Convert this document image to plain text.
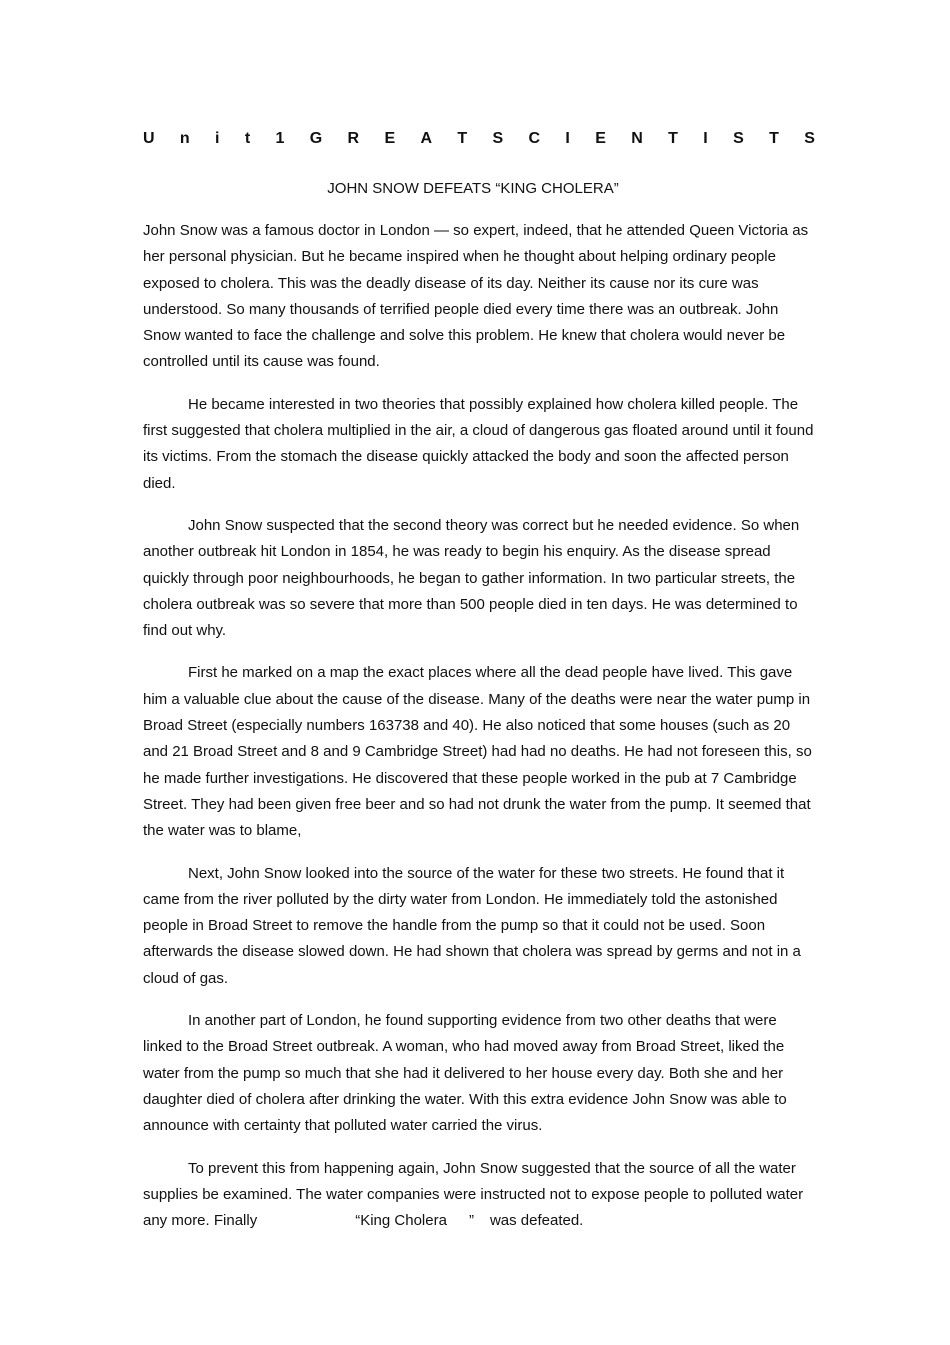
U n i t 1 G R E A T S C I E N T I S T S
JOHN SNOW DEFEATS “KING CHOLERA”

John Snow was a famous doctor in London — so expert, indeed, that he attended Queen Victoria as her personal physician. But he became inspired when he thought about helping ordinary people exposed to cholera. This was the deadly disease of its day. Neither its cause nor its cure was understood. So many thousands of terrified people died every time there was an outbreak. John Snow wanted to face the challenge and solve this problem. He knew that cholera would never be controlled until its cause was found.

He became interested in two theories that possibly explained how cholera killed people. The first suggested that cholera multiplied in the air, a cloud of dangerous gas floated around until it found its victims. From the stomach the disease quickly attacked the body and soon the affected person died.

John Snow suspected that the second theory was correct but he needed evidence. So when another outbreak hit London in 1854, he was ready to begin his enquiry. As the disease spread quickly through poor neighbourhoods, he began to gather information. In two particular streets, the cholera outbreak was so severe that more than 500 people died in ten days. He was determined to find out why.

First he marked on a map the exact places where all the dead people have lived. This gave him a valuable clue about the cause of the disease. Many of the deaths were near the water pump in Broad Street (especially numbers 163738 and 40). He also noticed that some houses (such as 20 and 21 Broad Street and 8 and 9 Cambridge Street) had had no deaths. He had not foreseen this, so he made further investigations. He discovered that these people worked in the pub at 7 Cambridge Street. They had been given free beer and so had not drunk the water from the pump. It seemed that the water was to blame,

Next, John Snow looked into the source of the water for these two streets. He found that it came from the river polluted by the dirty water from London. He immediately told the astonished people in Broad Street to remove the handle from the pump so that it could not be used. Soon afterwards the disease slowed down. He had shown that cholera was spread by germs and not in a cloud of gas.

In another part of London, he found supporting evidence from two other deaths that were linked to the Broad Street outbreak. A woman, who had moved away from Broad Street, liked the water from the pump so much that she had it delivered to her house every day. Both she and her daughter died of cholera after drinking the water. With this extra evidence John Snow was able to announce with certainty that polluted water carried the virus.

To prevent this from happening again, John Snow suggested that the source of all the water supplies be examined. The water companies were instructed not to expose people to polluted water any more. Finally	“King Cholera ” was defeated.
